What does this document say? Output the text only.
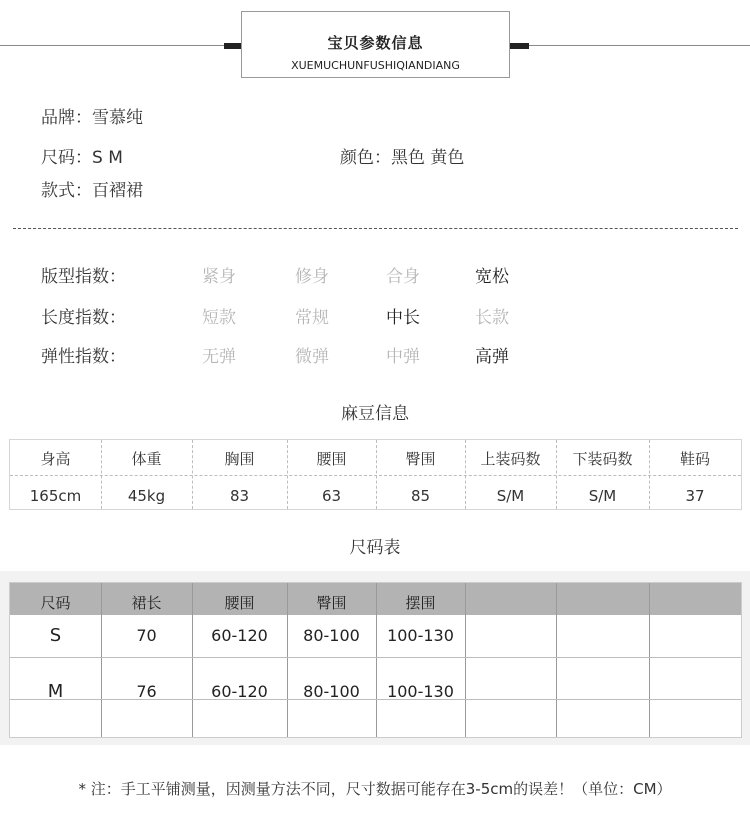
宝贝参数信息
XUEMUCHUNFUSHIQIANDIANG
品牌：雪慕纯
尺码：S M	颜色：黑色 黄色
款式：百褶裙
版型指数：	紧身	修身	合身	宽松
长度指数：	短款	常规	中长	长款
弹性指数：	无弹	微弹	中弹	高弹
麻豆信息
身高	体重	胸围	腰围	臀围	上装码数	下装码数	鞋码
165cm	45kg	83	63	85	S/M	S/M	37
尺码表
尺码	裙长	腰围	臀围	摆围
S	70	60-120	80-100	100-130
M	76	60-120	80-100	100-130
* 注：手工平铺测量，因测量方法不同，尺寸数据可能存在3-5cm的误差！（单位：CM）
